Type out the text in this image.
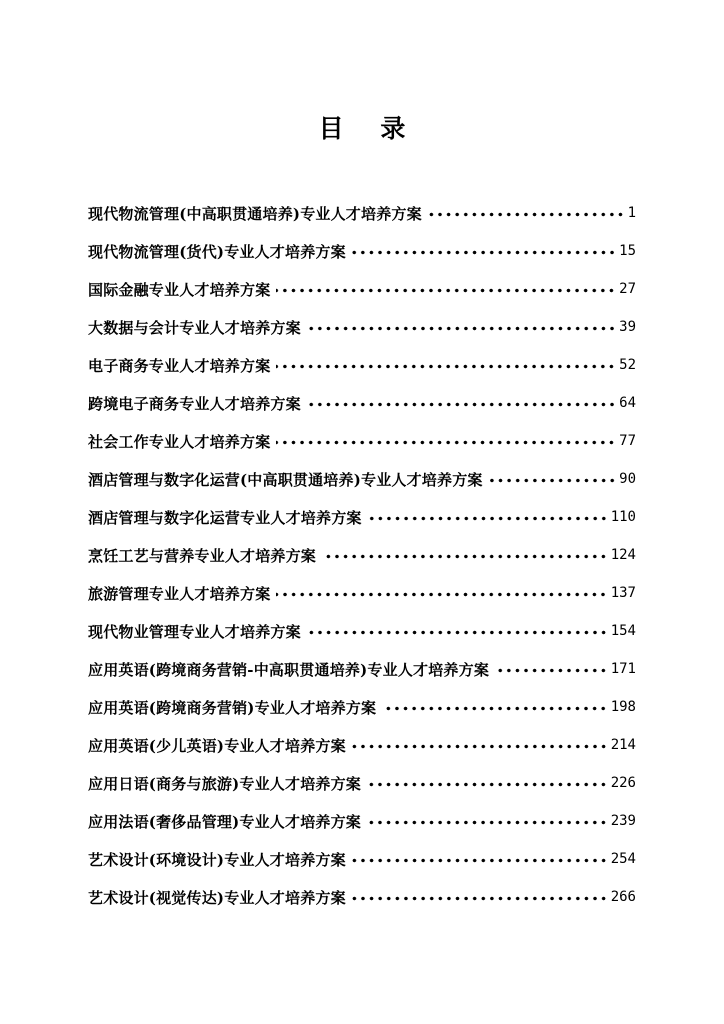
目 录
现代物流管理(中高职贯通培养)专业人才培养方案	1
现代物流管理(货代)专业人才培养方案	15
国际金融专业人才培养方案	27
大数据与会计专业人才培养方案	39
电子商务专业人才培养方案	52
跨境电子商务专业人才培养方案	64
社会工作专业人才培养方案	77
酒店管理与数字化运营(中高职贯通培养)专业人才培养方案	90
酒店管理与数字化运营专业人才培养方案	110
烹饪工艺与营养专业人才培养方案	124
旅游管理专业人才培养方案	137
现代物业管理专业人才培养方案	154
应用英语(跨境商务营销-中高职贯通培养)专业人才培养方案	171
应用英语(跨境商务营销)专业人才培养方案	198
应用英语(少儿英语)专业人才培养方案	214
应用日语(商务与旅游)专业人才培养方案	226
应用法语(奢侈品管理)专业人才培养方案	239
艺术设计(环境设计)专业人才培养方案	254
艺术设计(视觉传达)专业人才培养方案	266
